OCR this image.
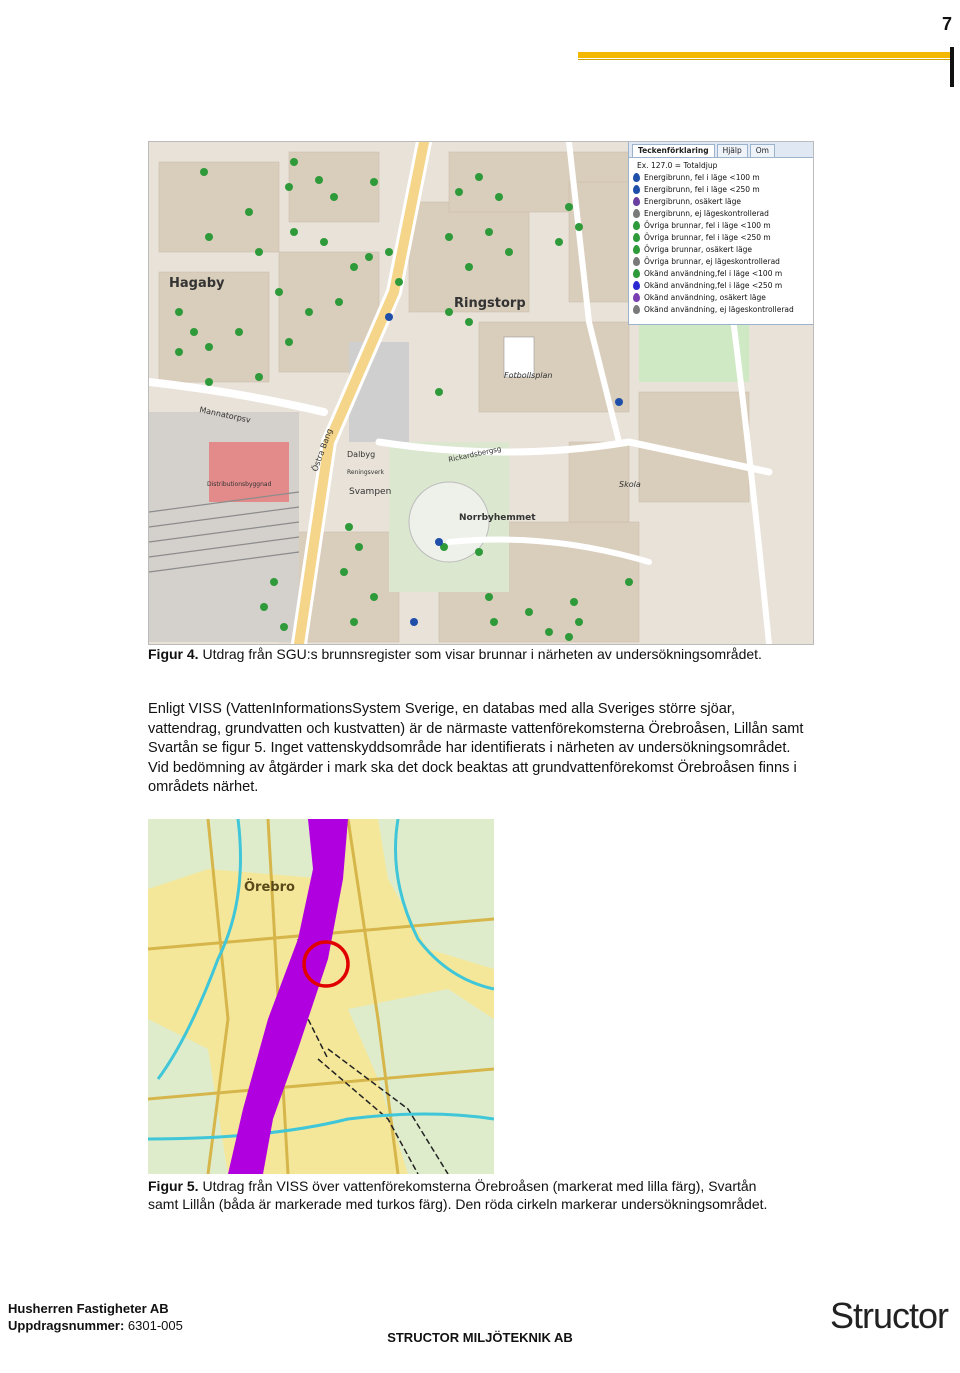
7
Hagaby
Ringstorp
Fotbollsplan
Svampen
Norrbyhemmet
Dalbyg
Skola
Distributionsbyggnad
Mannatorpsv
Östra Bang	Rickardsbergsg
Reningsverk
Teckenförklaring	Hjälp	Om
Ex. 127.0 = Totaldjup
Energibrunn, fel i läge <100 m
Energibrunn, fel i läge <250 m
Energibrunn, osäkert läge
Energibrunn, ej lägeskontrollerad
Övriga brunnar, fel i läge <100 m
Övriga brunnar, fel i läge <250 m
Övriga brunnar, osäkert läge
Övriga brunnar, ej lägeskontrollerad
Okänd användning,fel i läge <100 m
Okänd användning,fel i läge <250 m
Okänd användning, osäkert läge
Okänd användning, ej lägeskontrollerad

Figur 4. Utdrag från SGU:s brunnsregister som visar brunnar i närheten av undersökningsområdet.

Enligt VISS (VattenInformationsSystem Sverige, en databas med alla Sveriges större sjöar, vattendrag, grundvatten och kustvatten) är de närmaste vattenförekomsterna Örebroåsen, Lillån samt Svartån se figur 5. Inget vattenskyddsområde har identifierats i närheten av undersökningsområdet. Vid bedömning av åtgärder i mark ska det dock beaktas att grundvattenförekomst Örebroåsen finns i områdets närhet.

Örebro

Figur 5. Utdrag från VISS över vattenförekomsterna Örebroåsen (markerat med lilla färg), Svartån samt Lillån (båda är markerade med turkos färg). Den röda cirkeln markerar undersökningsområdet.

Husherren Fastigheter AB
Uppdragsnummer: 6301-005
STRUCTOR MILJÖTEKNIK AB
Structor
